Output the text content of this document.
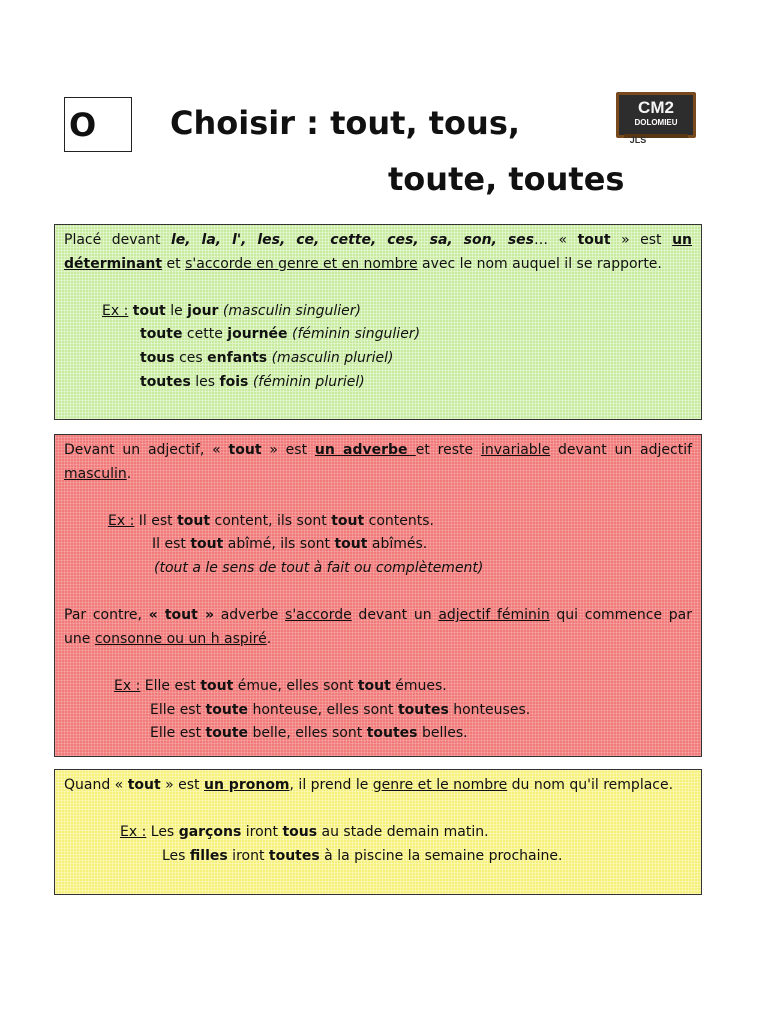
O	Choisir : tout, tous,
toute, toutes
CM2
DOLOMIEU
JLS
Placé devant le, la, l', les, ce, cette, ces, sa, son, ses… « tout » est un déterminant et s'accorde en genre et en nombre avec le nom auquel il se rapporte.
Ex : tout le jour (masculin singulier)
toute cette journée (féminin singulier)
tous ces enfants (masculin pluriel)
toutes les fois (féminin pluriel)
Devant un adjectif, « tout » est un adverbe et reste invariable devant un adjectif masculin.
Ex : Il est tout content, ils sont tout contents.
Il est tout abîmé, ils sont tout abîmés.
(tout a le sens de tout à fait ou complètement)
Par contre, « tout » adverbe s'accorde devant un adjectif féminin qui commence par une consonne ou un h aspiré.
Ex : Elle est tout émue, elles sont tout émues.
Elle est toute honteuse, elles sont toutes honteuses.
Elle est toute belle, elles sont toutes belles.
Quand « tout » est un pronom, il prend le genre et le nombre du nom qu'il remplace.
Ex : Les garçons iront tous au stade demain matin.
Les filles iront toutes à la piscine la semaine prochaine.
